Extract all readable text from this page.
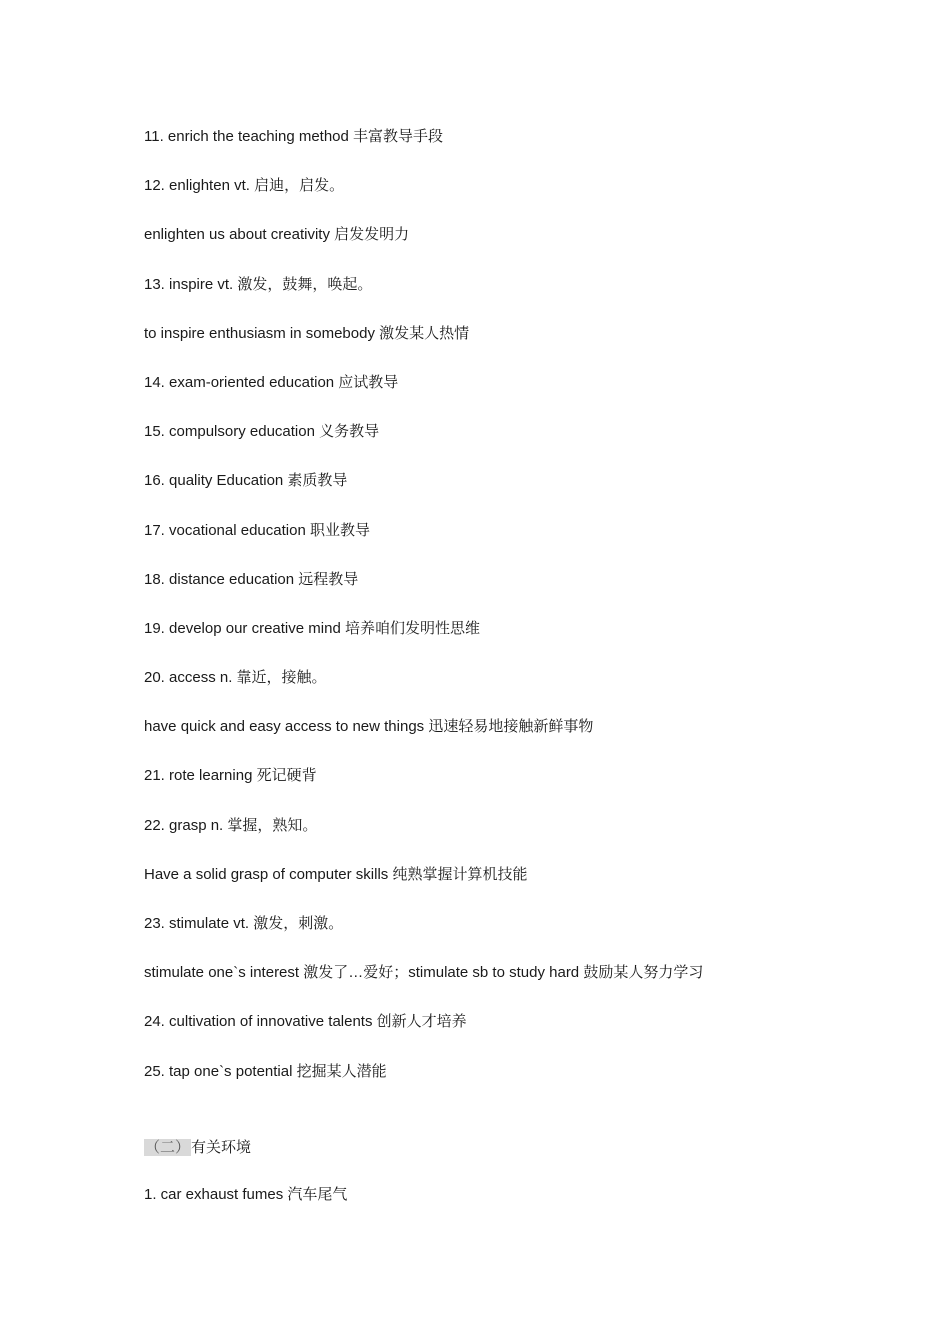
11. enrich the teaching method 丰富教导手段
12. enlighten vt. 启迪，启发。
enlighten us about creativity 启发发明力
13. inspire vt. 激发，鼓舞，唤起。
to inspire enthusiasm in somebody 激发某人热情
14. exam-oriented education 应试教导
15. compulsory education 义务教导
16. quality Education 素质教导
17. vocational education 职业教导
18. distance education 远程教导
19. develop our creative mind 培养咱们发明性思维
20. access n. 靠近，接触。
have quick and easy access to new things 迅速轻易地接触新鲜事物
21. rote learning 死记硬背
22. grasp n. 掌握，熟知。
Have a solid grasp of computer skills 纯熟掌握计算机技能
23. stimulate vt. 激发，刺激。
stimulate one`s interest 激发了…爱好；stimulate sb to study hard 鼓励某人努力学习
24. cultivation of innovative talents 创新人才培养
25. tap one`s potential 挖掘某人潜能
（二）有关环境
1. car exhaust fumes 汽车尾气
